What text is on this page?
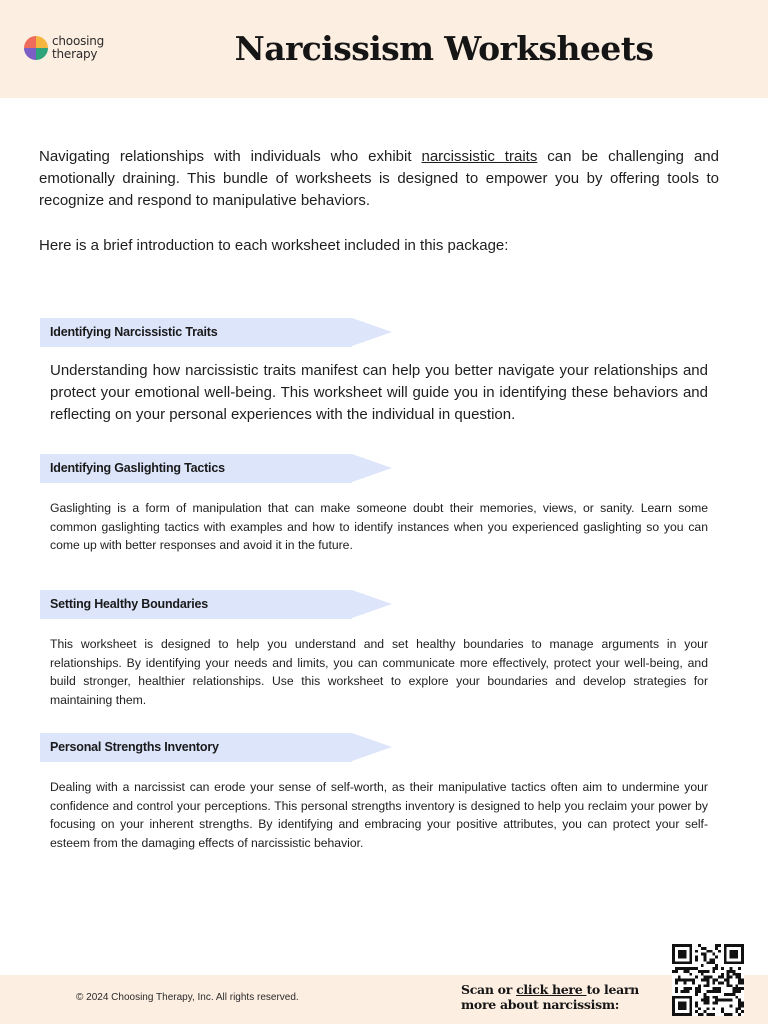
choosing
therapy	Narcissism Worksheets

Navigating relationships with individuals who exhibit narcissistic traits can be challenging and emotionally draining. This bundle of worksheets is designed to empower you by offering tools to recognize and respond to manipulative behaviors.

Here is a brief introduction to each worksheet included in this package:

Identifying Narcissistic Traits

Understanding how narcissistic traits manifest can help you better navigate your relationships and protect your emotional well-being. This worksheet will guide you in identifying these behaviors and reflecting on your personal experiences with the individual in question.

Identifying Gaslighting Tactics

Gaslighting is a form of manipulation that can make someone doubt their memories, views, or sanity. Learn some common gaslighting tactics with examples and how to identify instances when you experienced gaslighting so you can come up with better responses and avoid it in the future.

Setting Healthy Boundaries

This worksheet is designed to help you understand and set healthy boundaries to manage arguments in your relationships. By identifying your needs and limits, you can communicate more effectively, protect your well-being, and build stronger, healthier relationships. Use this worksheet to explore your boundaries and develop strategies for maintaining them.

Personal Strengths Inventory

Dealing with a narcissist can erode your sense of self-worth, as their manipulative tactics often aim to undermine your confidence and control your perceptions. This personal strengths inventory is designed to help you reclaim your power by focusing on your inherent strengths. By identifying and embracing your positive attributes, you can protect your self-esteem from the damaging effects of narcissistic behavior.

© 2024 Choosing Therapy, Inc. All rights reserved.
Scan or click here to learn more about narcissism:
